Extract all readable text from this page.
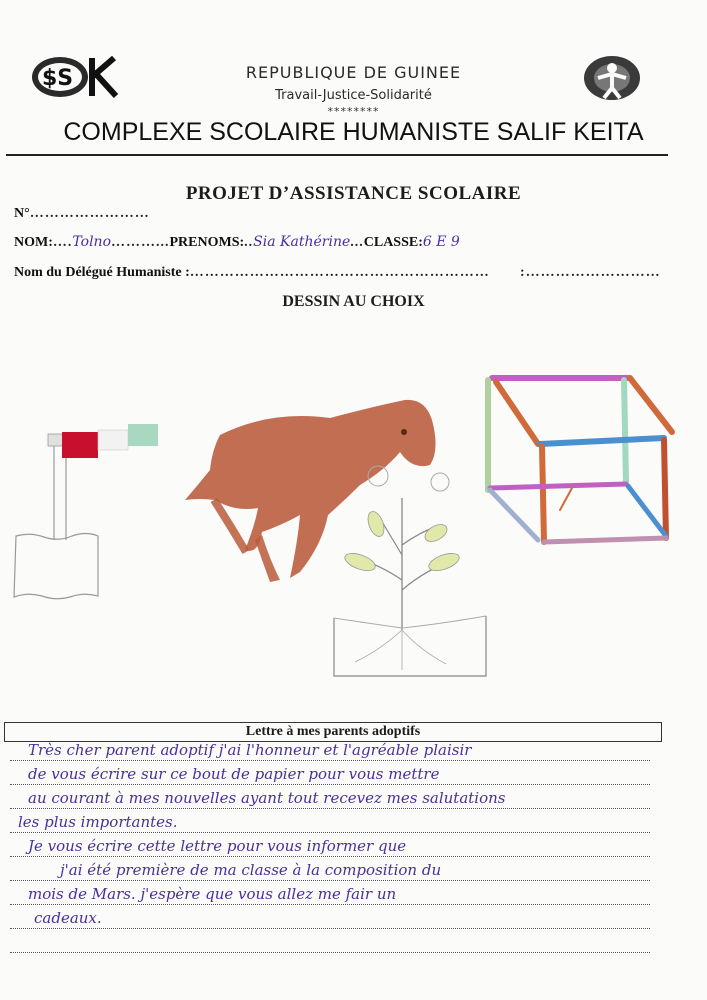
$S	REPUBLIQUE DE GUINEE
Travail-Justice-Solidarité
********
COMPLEXE SCOLAIRE HUMANISTE SALIF KEITA
PROJET D’ASSISTANCE SCOLAIRE
N°……………………
NOM:….Tolno………...PRENOMS:..Sia Kathérine...CLASSE:6 E 9
Nom du Délégué Humaniste :…………………………………………………… :………………………
DESSIN AU CHOIX
Lettre à mes parents adoptifs
Très cher parent adoptif j'ai l'honneur et l'agréable plaisir
de vous écrire sur ce bout de papier pour vous mettre
au courant à mes nouvelles ayant tout recevez mes salutations
les plus importantes.
Je vous écrire cette lettre pour vous informer que
j'ai été première de ma classe à la composition du
mois de Mars. j'espère que vous allez me fair un
cadeaux.
